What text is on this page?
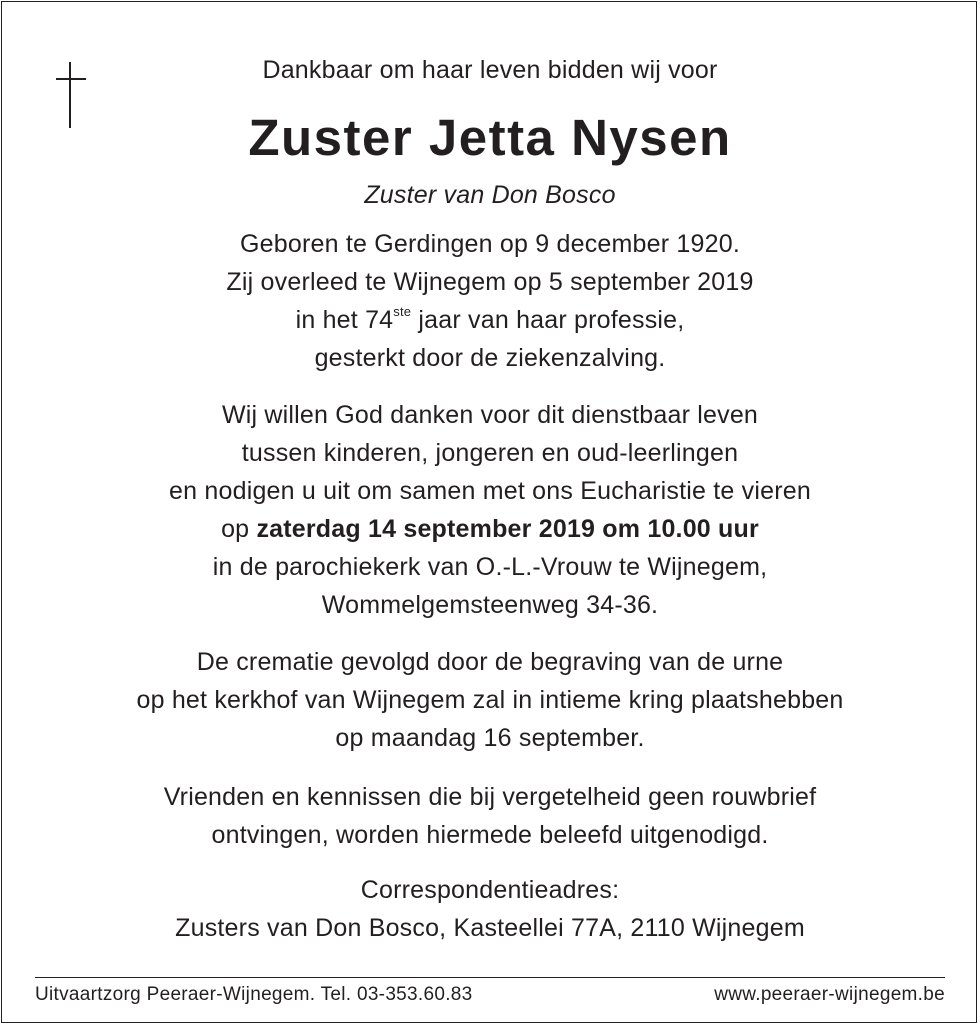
Dankbaar om haar leven bidden wij voor
Zuster Jetta Nysen
Zuster van Don Bosco
Geboren te Gerdingen op 9 december 1920.
Zij overleed te Wijnegem op 5 september 2019
in het 74ste jaar van haar professie,
gesterkt door de ziekenzalving.
Wij willen God danken voor dit dienstbaar leven
tussen kinderen, jongeren en oud-leerlingen
en nodigen u uit om samen met ons Eucharistie te vieren
op zaterdag 14 september 2019 om 10.00 uur
in de parochiekerk van O.-L.-Vrouw te Wijnegem,
Wommelgemsteenweg 34-36.
De crematie gevolgd door de begraving van de urne
op het kerkhof van Wijnegem zal in intieme kring plaatshebben
op maandag 16 september.
Vrienden en kennissen die bij vergetelheid geen rouwbrief
ontvingen, worden hiermede beleefd uitgenodigd.
Correspondentieadres:
Zusters van Don Bosco, Kasteellei 77A, 2110 Wijnegem
Uitvaartzorg Peeraer-Wijnegem. Tel. 03-353.60.83	www.peeraer-wijnegem.be
